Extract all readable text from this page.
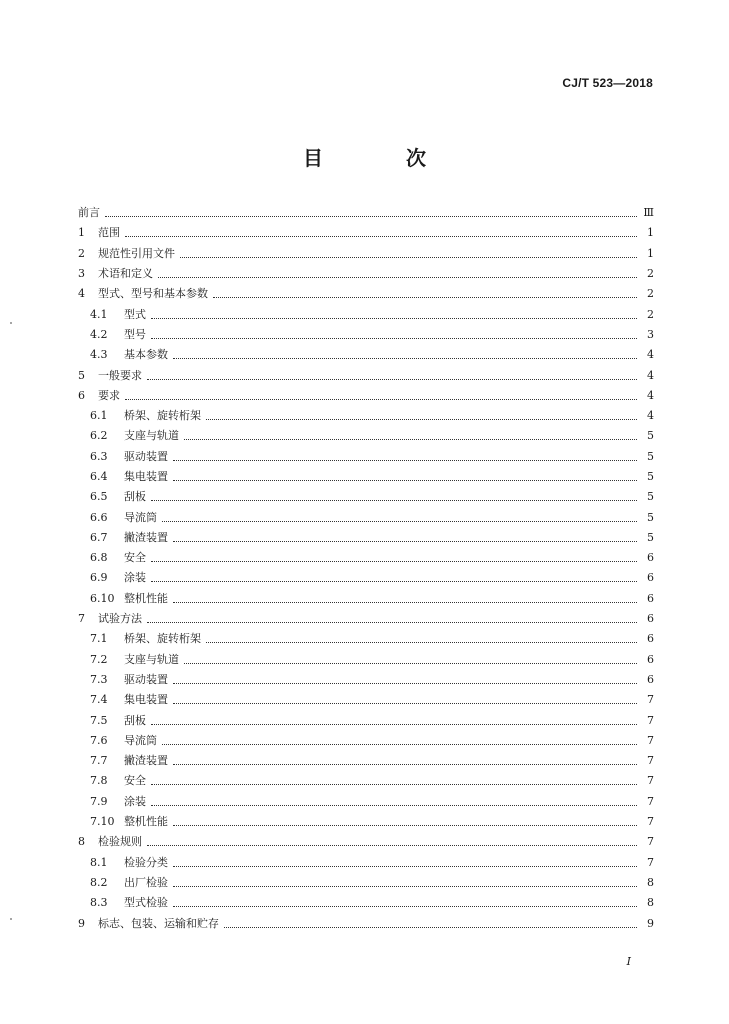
CJ/T 523—2018
目 次
前言	Ⅲ
1	范围	1
2	规范性引用文件	1
3	术语和定义	2
4	型式、型号和基本参数	2
4.1	型式	2
4.2	型号	3
4.3	基本参数	4
5	一般要求	4
6	要求	4
6.1	桥架、旋转桁架	4
6.2	支座与轨道	5
6.3	驱动装置	5
6.4	集电装置	5
6.5	刮板	5
6.6	导流筒	5
6.7	撇渣装置	5
6.8	安全	6
6.9	涂装	6
6.10 整机性能	6
7	试验方法	6
7.1	桥架、旋转桁架	6
7.2	支座与轨道	6
7.3	驱动装置	6
7.4	集电装置	7
7.5	刮板	7
7.6	导流筒	7
7.7	撇渣装置	7
7.8	安全	7
7.9	涂装	7
7.10 整机性能	7
8	检验规则	7
8.1	检验分类	7
8.2	出厂检验	8
8.3	型式检验	8
9	标志、包装、运输和贮存	9
I
